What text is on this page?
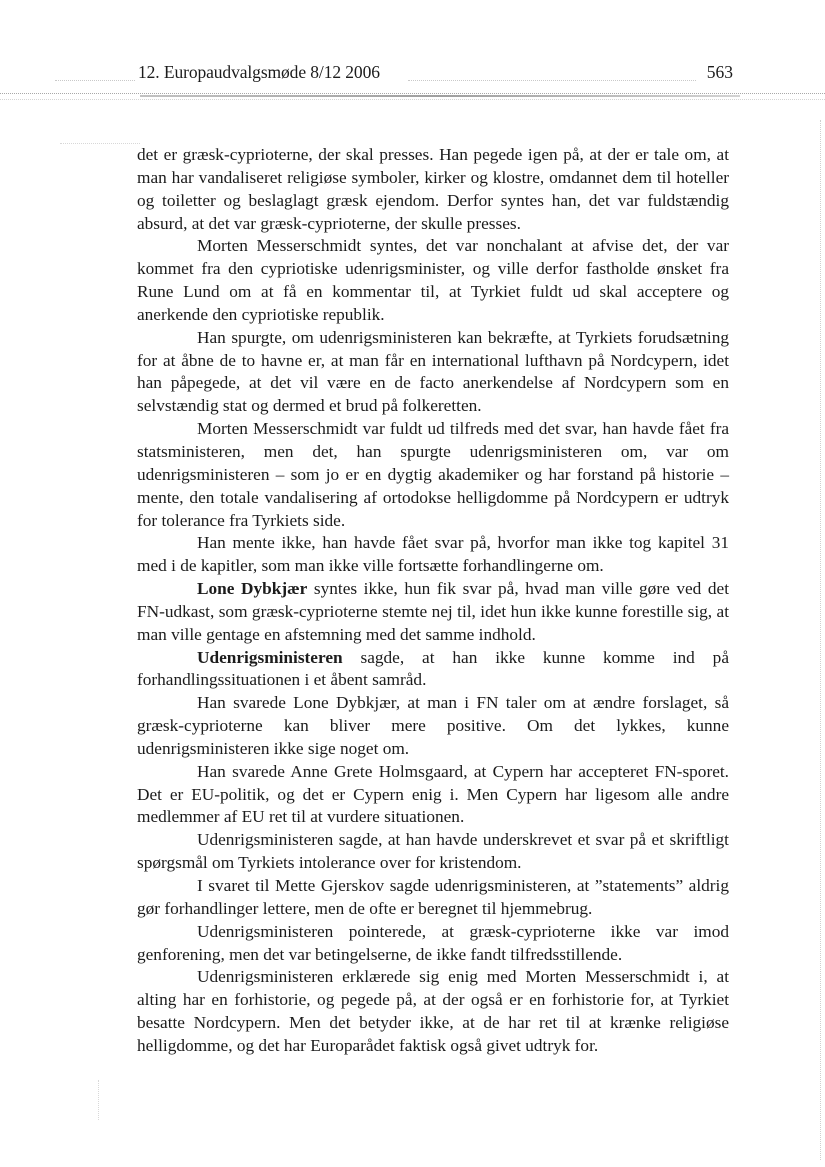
12. Europaudvalgsmøde 8/12 2006	563

det er græsk-cyprioterne, der skal presses. Han pegede igen på, at der er tale om, at man har vandaliseret religiøse symboler, kirker og klostre, omdannet dem til hoteller og toiletter og beslaglagt græsk ejendom. Derfor syntes han, det var fuldstændig absurd, at det var græsk-cyprioterne, der skulle presses.

Morten Messerschmidt syntes, det var nonchalant at afvise det, der var kommet fra den cypriotiske udenrigsminister, og ville derfor fastholde ønsket fra Rune Lund om at få en kommentar til, at Tyrkiet fuldt ud skal acceptere og anerkende den cypriotiske republik.

Han spurgte, om udenrigsministeren kan bekræfte, at Tyrkiets forudsætning for at åbne de to havne er, at man får en international lufthavn på Nordcypern, idet han påpegede, at det vil være en de facto anerkendelse af Nordcypern som en selvstændig stat og dermed et brud på folkeretten.

Morten Messerschmidt var fuldt ud tilfreds med det svar, han havde fået fra statsministeren, men det, han spurgte udenrigsministeren om, var om udenrigsministeren – som jo er en dygtig akademiker og har forstand på historie – mente, den totale vandalisering af ortodokse helligdomme på Nordcypern er udtryk for tolerance fra Tyrkiets side.

Han mente ikke, han havde fået svar på, hvorfor man ikke tog kapitel 31 med i de kapitler, som man ikke ville fortsætte forhandlingerne om.

Lone Dybkjær syntes ikke, hun fik svar på, hvad man ville gøre ved det FN-udkast, som græsk-cyprioterne stemte nej til, idet hun ikke kunne forestille sig, at man ville gentage en afstemning med det samme indhold.

Udenrigsministeren sagde, at han ikke kunne komme ind på forhandlingssituationen i et åbent samråd.

Han svarede Lone Dybkjær, at man i FN taler om at ændre forslaget, så græsk-cyprioterne kan bliver mere positive. Om det lykkes, kunne udenrigsministeren ikke sige noget om.

Han svarede Anne Grete Holmsgaard, at Cypern har accepteret FN-sporet. Det er EU-politik, og det er Cypern enig i. Men Cypern har ligesom alle andre medlemmer af EU ret til at vurdere situationen.

Udenrigsministeren sagde, at han havde underskrevet et svar på et skriftligt spørgsmål om Tyrkiets intolerance over for kristendom.

I svaret til Mette Gjerskov sagde udenrigsministeren, at ”statements” aldrig gør forhandlinger lettere, men de ofte er beregnet til hjemmebrug.

Udenrigsministeren pointerede, at græsk-cyprioterne ikke var imod genforening, men det var betingelserne, de ikke fandt tilfredsstillende.

Udenrigsministeren erklærede sig enig med Morten Messerschmidt i, at alting har en forhistorie, og pegede på, at der også er en forhistorie for, at Tyrkiet besatte Nordcypern. Men det betyder ikke, at de har ret til at krænke religiøse helligdomme, og det har Europarådet faktisk også givet udtryk for.
